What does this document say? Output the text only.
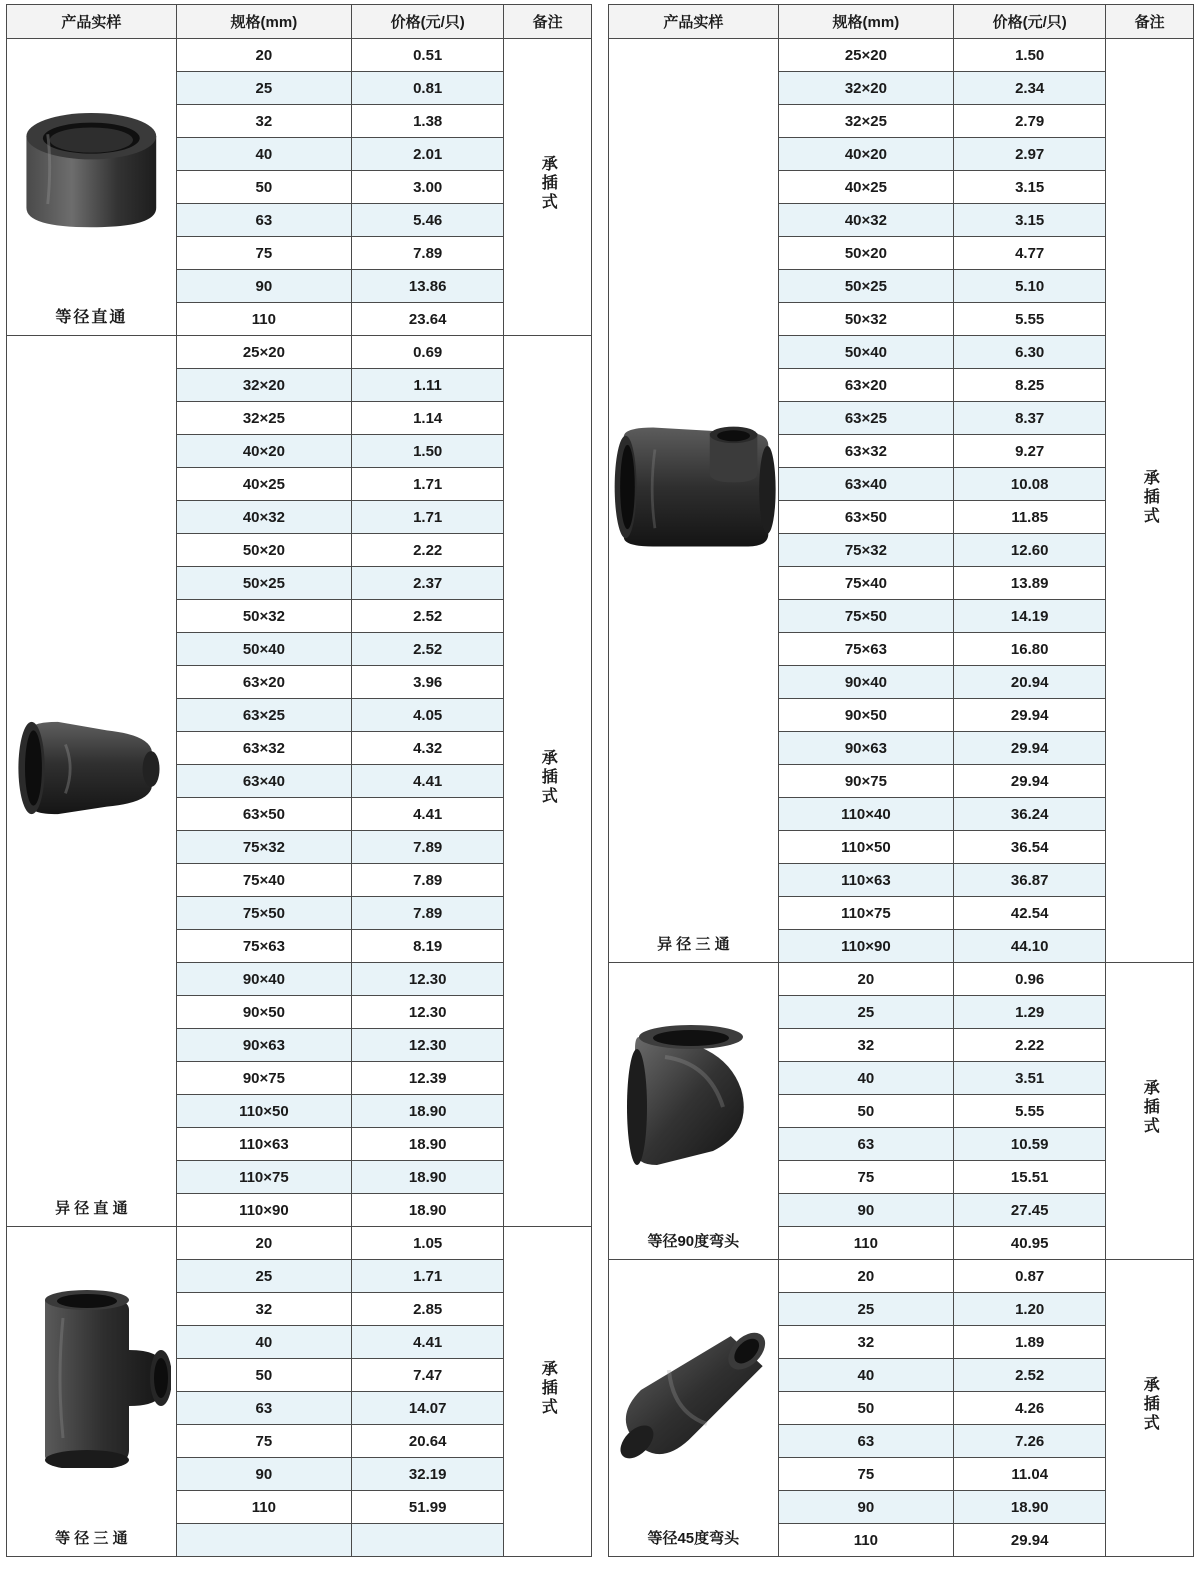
产品实样	规格(mm)	价格(元/只)	备注

等径直通	20	0.51	承插式
	25	0.81	
	32	1.38	
	40	2.01	
	50	3.00	
	63	5.46	
	75	7.89	
	90	13.86	
	110	23.64	

异 径 直 通	25×20	0.69	承插式
	32×20	1.11	
	32×25	1.14	
	40×20	1.50	
	40×25	1.71	
	40×32	1.71	
	50×20	2.22	
	50×25	2.37	
	50×32	2.52	
	50×40	2.52	
	63×20	3.96	
	63×25	4.05	
	63×32	4.32	
	63×40	4.41	
	63×50	4.41	
	75×32	7.89	
	75×40	7.89	
	75×50	7.89	
	75×63	8.19	
	90×40	12.30	
	90×50	12.30	
	90×63	12.30	
	90×75	12.39	
	110×50	18.90	
	110×63	18.90	
	110×75	18.90	
	110×90	18.90	

等 径 三 通	20	1.05	承插式
	25	1.71	
	32	2.85	
	40	4.41	
	50	7.47	
	63	14.07	
	75	20.64	
	90	32.19	
	110	51.99	

产品实样	规格(mm)	价格(元/只)	备注

异 径 三 通	25×20	1.50	承插式
	32×20	2.34	
	32×25	2.79	
	40×20	2.97	
	40×25	3.15	
	40×32	3.15	
	50×20	4.77	
	50×25	5.10	
	50×32	5.55	
	50×40	6.30	
	63×20	8.25	
	63×25	8.37	
	63×32	9.27	
	63×40	10.08	
	63×50	11.85	
	75×32	12.60	
	75×40	13.89	
	75×50	14.19	
	75×63	16.80	
	90×40	20.94	
	90×50	29.94	
	90×63	29.94	
	90×75	29.94	
	110×40	36.24	
	110×50	36.54	
	110×63	36.87	
	110×75	42.54	
	110×90	44.10	

等径90度弯头	20	0.96	承插式
	25	1.29	
	32	2.22	
	40	3.51	
	50	5.55	
	63	10.59	
	75	15.51	
	90	27.45	
	110	40.95	

等径45度弯头	20	0.87	承插式
	25	1.20	
	32	1.89	
	40	2.52	
	50	4.26	
	63	7.26	
	75	11.04	
	90	18.90	
	110	29.94	
